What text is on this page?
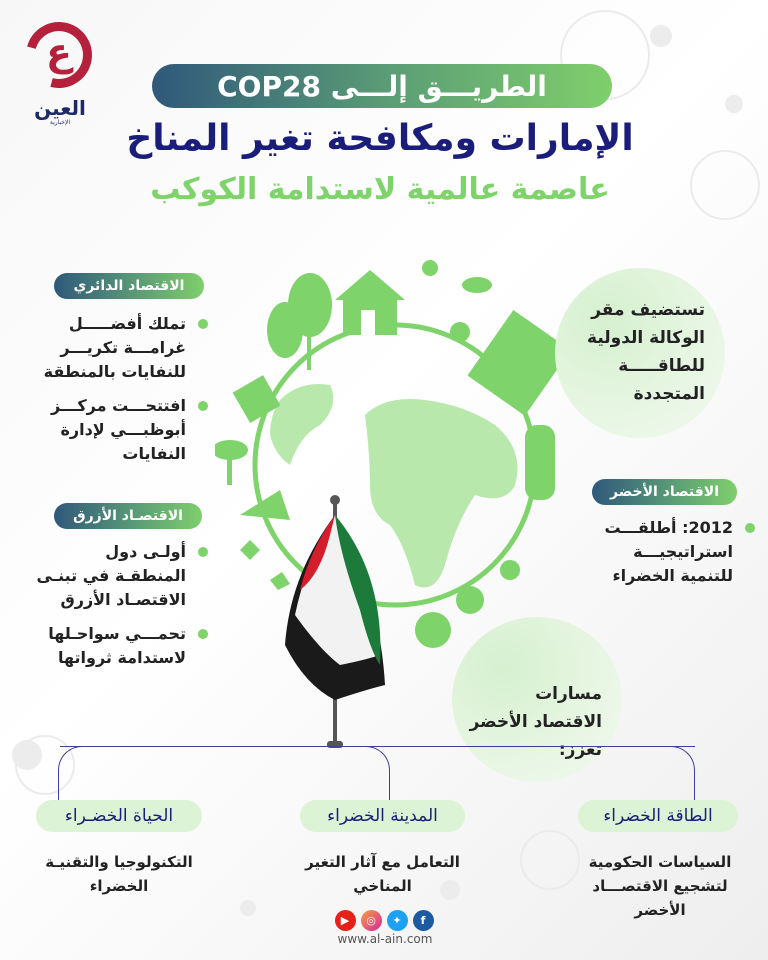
ع
العين
الإخبارية
الطريـــق إلـــى COP28
الإمارات ومكافحة تغير المناخ
عاصمة عالمية لاستدامة الكوكب
الاقتصاد الدائري
تملك أفضـــــل غرامـــة تكريـــر للنفايات بالمنطقة
افتتحـــت مركـــز أبوظبـــي لإدارة النفايات
الاقتصـاد الأزرق
أولـى دول المنطقـة في تبنـى الاقتصـاد الأزرق
تحمـــي سواحـلها لاستدامة ثرواتها
تستضيف مقر الوكالة الدولية للطاقـــــة المتجددة
الاقتصاد الأخضر
2012: أطلقـــت استراتيجيـــة للتنمية الخضراء
مسارات الاقتصاد الأخضر تعزز:
الطاقة الخضراء
السياسات الحكومية لتشجيع الاقتصـــاد الأخضر
المدينة الخضراء
التعامل مع آثار التغير المناخي
الحياة الخضـراء
التكنولوجيا والتقنيـة الخضراء
▶	◎	✦	f
www.al-ain.com
